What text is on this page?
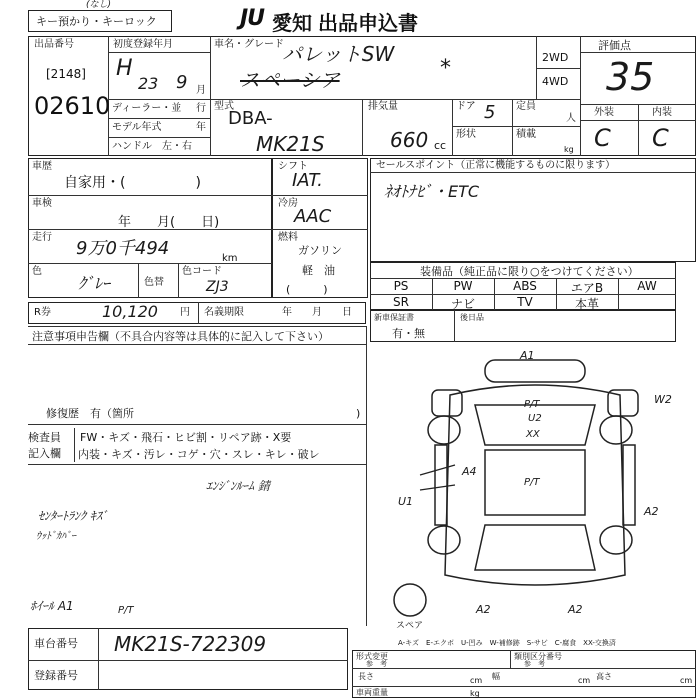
キー預かり・キーロック
(なし)
JU 愛知 出品申込書
出品番号
[2148]
02610
初度登録年月
H
23 9 月
車名・グレード
パレットSW
スペーシア	*	2WD
4WD
評価点
35
ディーラー・並 行
モデル年式	年
ハンドル　左・右
型式
DBA-
MK21S
排気量
660 cc
ドア 5 定員
人
形状	積載
kg
外装	内装
C C
車歴
自家用・(　　　　　)
車検
年　　月(　　日)
走行
9万0千494	km
色
ｸﾞﾚｰ	色替
色コード
ZJ3
R券	10,120 円 名義期限	年　　月　　日
シフト
IAT.
冷房
AAC
燃料
ガソリン
軽　油
(　　　)
セールスポイント（正常に機能するものに限ります）
ﾈｵﾄﾅﾋﾞ・ETC
装備品（純正品に限り○をつけてください）
PS	PW	ABS	エアB	AW
SR	ナビ	TV	本革
新車保証書
有・無
後日品
注意事項申告欄（不具合内容等は具体的に記入して下さい）
修復歴　有（箇所	)
検査員
記入欄
FW・キズ・飛石・ヒビ割・リペア跡・X要
内装・キズ・汚レ・コゲ・穴・スレ・キレ・破レ
ｴﾝｼﾞﾝﾙｰﾑ 錆
ｾﾝﾀｰﾄﾗﾝｸ ｷｽﾞ
ｳｯﾄﾞｶﾊﾞｰ
ﾎｲｰﾙ A1
A1
P/T
U2
XX
A4
P/T
A2
U1
A2	A2
W2
P/T
スペア
A-キズ　E-エクボ　U-凹み　W-補修跡　S-サビ　C-腐食　XX-交換済
車台番号 MK21S-722309
登録番号
形式変更
参　考
類別区分番号
参　考
長さ	cm 幅	cm 高さ	cm
車両重量	kg
